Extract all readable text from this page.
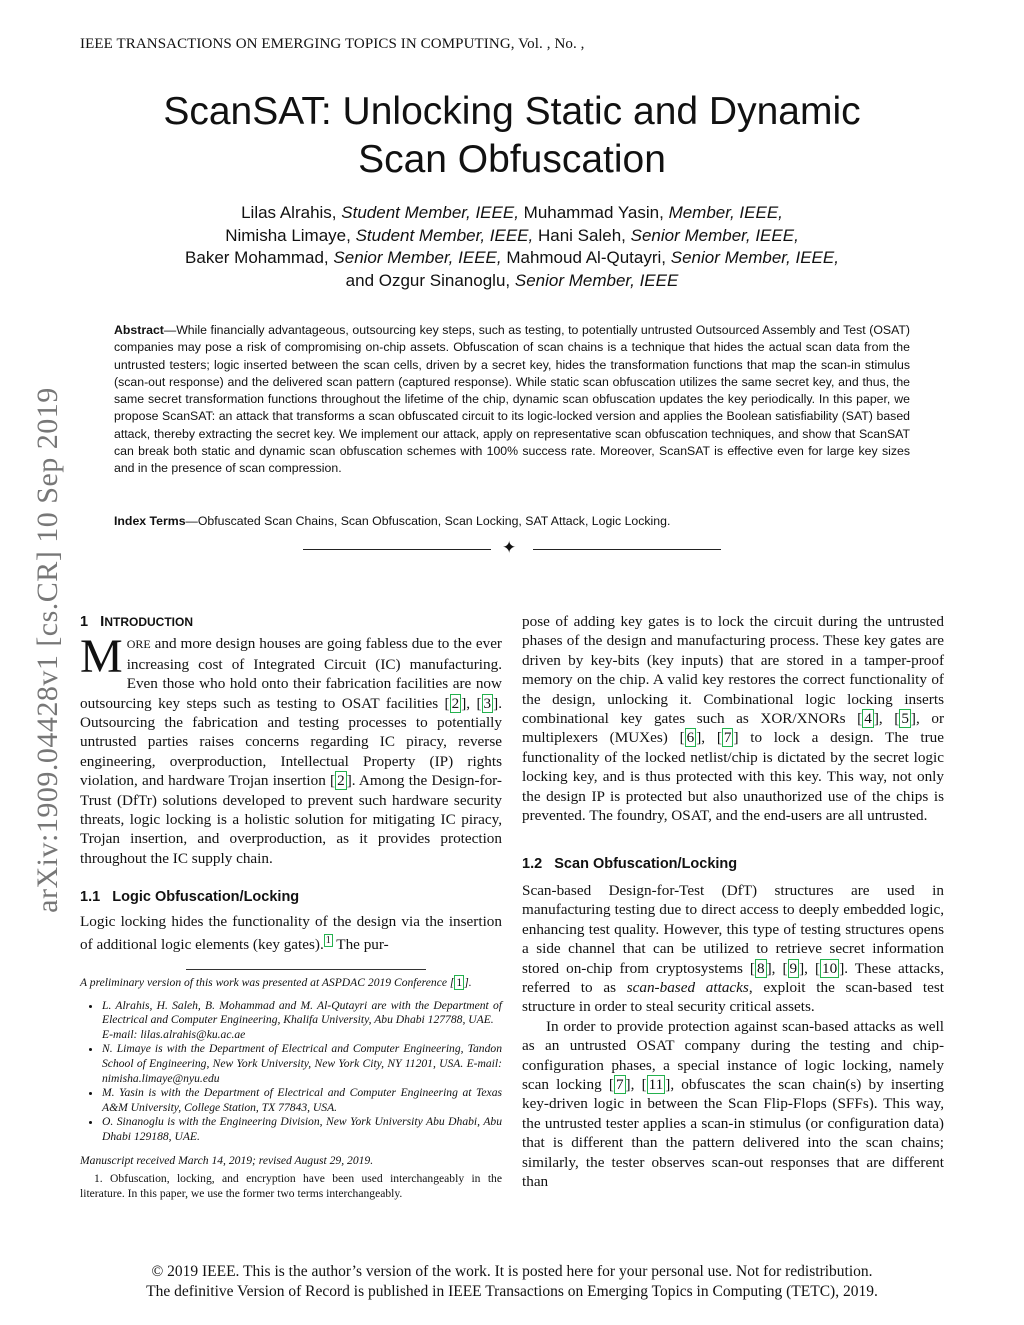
IEEE TRANSACTIONS ON EMERGING TOPICS IN COMPUTING, Vol. , No. ,
arXiv:1909.04428v1 [cs.CR] 10 Sep 2019
ScanSAT: Unlocking Static and Dynamic
Scan Obfuscation
Lilas Alrahis, Student Member, IEEE, Muhammad Yasin, Member, IEEE,
Nimisha Limaye, Student Member, IEEE, Hani Saleh, Senior Member, IEEE,
Baker Mohammad, Senior Member, IEEE, Mahmoud Al-Qutayri, Senior Member, IEEE,
and Ozgur Sinanoglu, Senior Member, IEEE
Abstract—While financially advantageous, outsourcing key steps, such as testing, to potentially untrusted Outsourced Assembly and Test (OSAT) companies may pose a risk of compromising on-chip assets. Obfuscation of scan chains is a technique that hides the actual scan data from the untrusted testers; logic inserted between the scan cells, driven by a secret key, hides the transformation functions that map the scan-in stimulus (scan-out response) and the delivered scan pattern (captured response). While static scan obfuscation utilizes the same secret key, and thus, the same secret transformation functions throughout the lifetime of the chip, dynamic scan obfuscation updates the key periodically. In this paper, we propose ScanSAT: an attack that transforms a scan obfuscated circuit to its logic-locked version and applies the Boolean satisfiability (SAT) based attack, thereby extracting the secret key. We implement our attack, apply on representative scan obfuscation techniques, and show that ScanSAT can break both static and dynamic scan obfuscation schemes with 100% success rate. Moreover, ScanSAT is effective even for large key sizes and in the presence of scan compression.
Index Terms—Obfuscated Scan Chains, Scan Obfuscation, Scan Locking, SAT Attack, Logic Locking.
✦
1 INTRODUCTION

MORE and more design houses are going fabless due to the ever increasing cost of Integrated Circuit (IC) manufacturing. Even those who hold onto their fabrication facilities are now outsourcing key steps such as testing to OSAT facilities [ 2 ], [ 3 ]. Outsourcing the fabrication and testing processes to potentially untrusted parties raises concerns regarding IC piracy, reverse engineering, overproduction, Intellectual Property (IP) rights violation, and hardware Trojan insertion [ 2 ]. Among the Design-for-Trust (DfTr) solutions developed to prevent such hardware security threats, logic locking is a holistic solution for mitigating IC piracy, Trojan insertion, and overproduction, as it provides protection throughout the IC supply chain.

1.1 Logic Obfuscation/Locking

Logic locking hides the functionality of the design via the insertion of additional logic elements (key gates). $^1$ The pur-

A preliminary version of this work was presented at ASPDAC 2019 Conference [ 1 ].
• L. Alrahis, H. Saleh, B. Mohammad and M. Al-Qutayri are with the Department of Electrical and Computer Engineering, Khalifa University, Abu Dhabi 127788, UAE.
E-mail: lilas.alrahis@ku.ac.ae
• N. Limaye is with the Department of Electrical and Computer Engineering, Tandon School of Engineering, New York University, New York City, NY 11201, USA. E-mail: nimisha.limaye@nyu.edu
• M. Yasin is with the Department of Electrical and Computer Engineering at Texas A&M University, College Station, TX 77843, USA.
• O. Sinanoglu is with the Engineering Division, New York University Abu Dhabi, Abu Dhabi 129188, UAE.
Manuscript received March 14, 2019; revised August 29, 2019.
1. Obfuscation, locking, and encryption have been used interchangeably in the literature. In this paper, we use the former two terms interchangeably.

pose of adding key gates is to lock the circuit during the untrusted phases of the design and manufacturing process. These key gates are driven by key-bits (key inputs) that are stored in a tamper-proof memory on the chip. A valid key restores the correct functionality of the design, unlocking it. Combinational logic locking inserts combinational key gates such as XOR/XNORs [ 4 ], [ 5 ], or multiplexers (MUXes) [ 6 ], [ 7 ] to lock a design. The true functionality of the locked netlist/chip is dictated by the secret logic locking key, and is thus protected with this key. This way, not only the design IP is protected but also unauthorized use of the chips is prevented. The foundry, OSAT, and the end-users are all untrusted.

1.2 Scan Obfuscation/Locking

Scan-based Design-for-Test (DfT) structures are used in manufacturing testing due to direct access to deeply embedded logic, enhancing test quality. However, this type of testing structures opens a side channel that can be utilized to retrieve secret information stored on-chip from cryptosystems [ 8 ], [ 9 ], [ 10 ]. These attacks, referred to as scan-based attacks, exploit the scan-based test structure in order to steal security critical assets.

In order to provide protection against scan-based attacks as well as an untrusted OSAT company during the testing and chip-configuration phases, a special instance of logic locking, namely scan locking [ 7 ], [ 11 ], obfuscates the scan chain(s) by inserting key-driven logic in between the Scan Flip-Flops (SFFs). This way, the untrusted tester applies a scan-in stimulus (or configuration data) that is different than the pattern delivered into the scan chains; similarly, the tester observes scan-out responses that are different than

© 2019 IEEE. This is the author’s version of the work. It is posted here for your personal use. Not for redistribution.
The definitive Version of Record is published in IEEE Transactions on Emerging Topics in Computing (TETC), 2019.
